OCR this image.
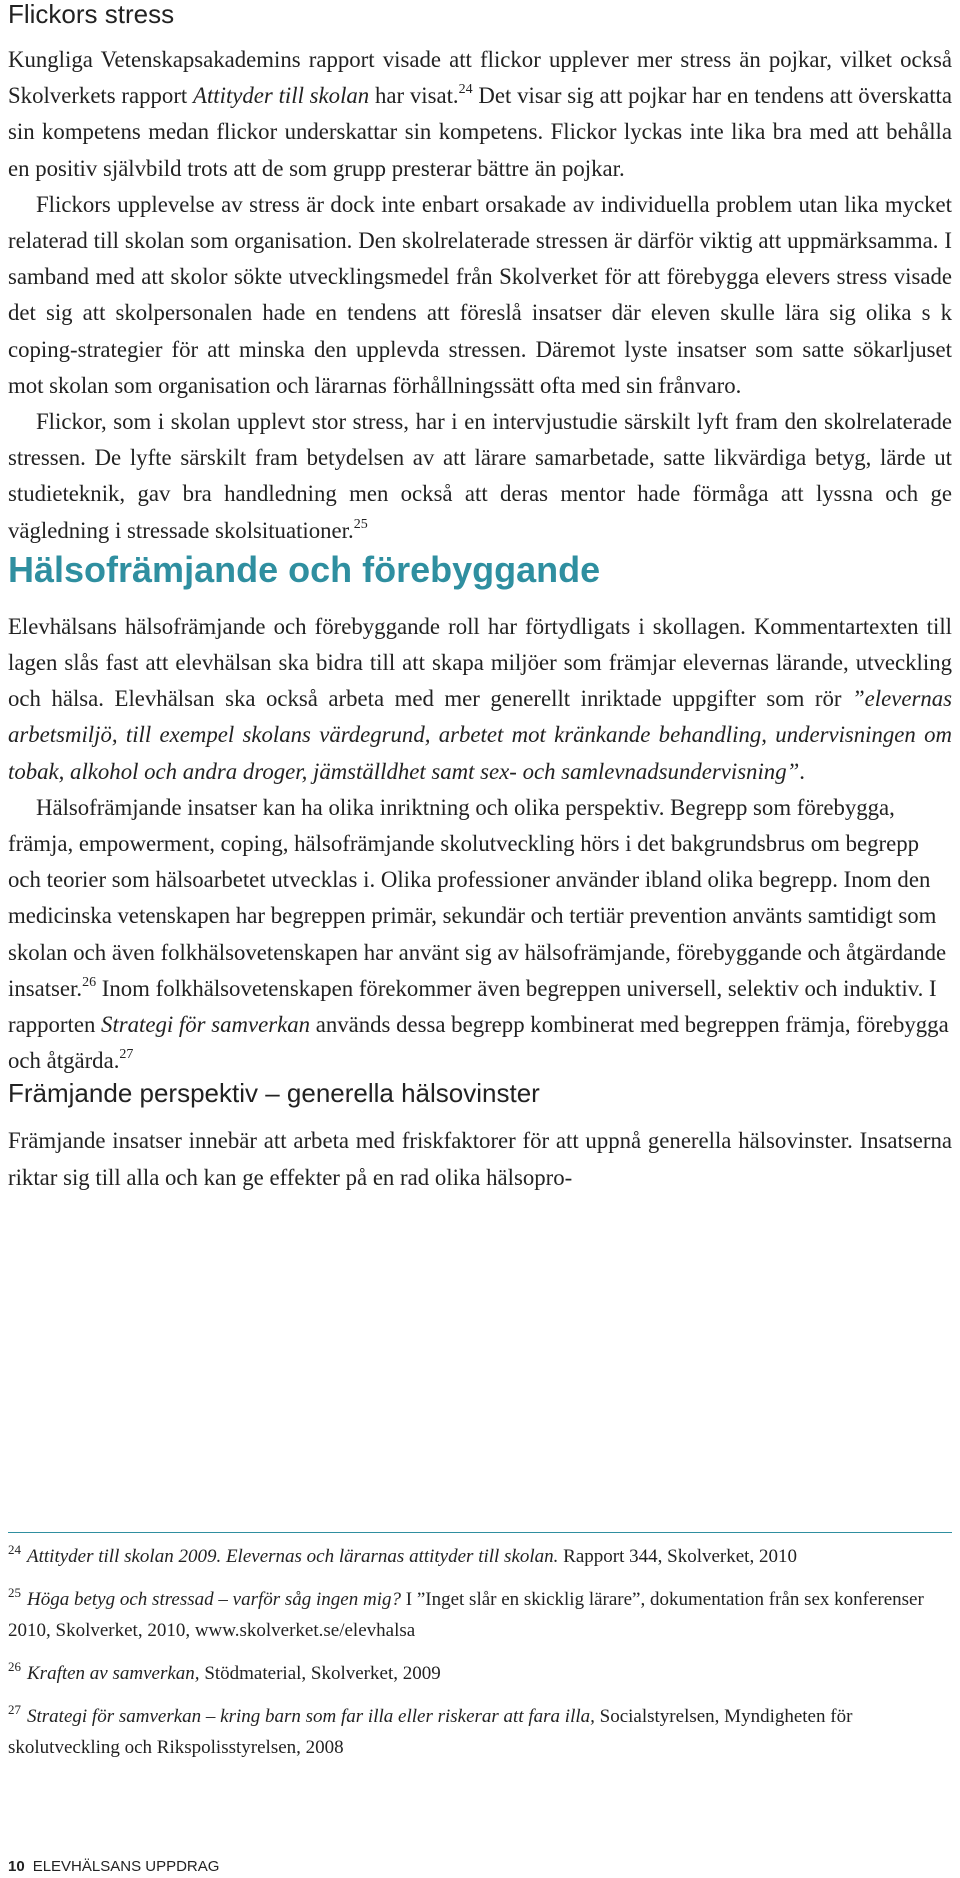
Flickors stress

Kungliga Vetenskapsakademins rapport visade att flickor upplever mer stress än pojkar, vilket också Skolverkets rapport Attityder till skolan har visat.$^{24}$ Det visar sig att pojkar har en tendens att överskatta sin kompetens medan flickor underskattar sin kompetens. Flickor lyckas inte lika bra med att behålla en positiv självbild trots att de som grupp presterar bättre än pojkar.

Flickors upplevelse av stress är dock inte enbart orsakade av individuella problem utan lika mycket relaterad till skolan som organisation. Den skolrelaterade stressen är därför viktig att uppmärksamma. I samband med att skolor sökte utvecklingsmedel från Skolverket för att förebygga elevers stress visade det sig att skolpersonalen hade en tendens att föreslå insatser där eleven skulle lära sig olika s k coping-strategier för att minska den upplevda stressen. Däremot lyste insatser som satte sökarljuset mot skolan som organisation och lärarnas förhållningssätt ofta med sin frånvaro.

Flickor, som i skolan upplevt stor stress, har i en intervjustudie särskilt lyft fram den skolrelaterade stressen. De lyfte särskilt fram betydelsen av att lärare samarbetade, satte likvärdiga betyg, lärde ut studieteknik, gav bra handledning men också att deras mentor hade förmåga att lyssna och ge vägledning i stressade skolsituationer.$^{25}$

Hälsofrämjande och förebyggande

Elevhälsans hälsofrämjande och förebyggande roll har förtydligats i skollagen. Kommentartexten till lagen slås fast att elevhälsan ska bidra till att skapa miljöer som främjar elevernas lärande, utveckling och hälsa. Elevhälsan ska också arbeta med mer generellt inriktade uppgifter som rör ”elevernas arbetsmiljö, till exempel skolans värdegrund, arbetet mot kränkande behandling, undervisningen om tobak, alkohol och andra droger, jämställdhet samt sex- och samlevnadsundervisning”.

Hälsofrämjande insatser kan ha olika inriktning och olika perspektiv. Begrepp som förebygga, främja, empowerment, coping, hälsofrämjande skolutveckling hörs i det bakgrundsbrus om begrepp och teorier som hälsoarbetet utvecklas i. Olika professioner använder ibland olika begrepp. Inom den medicinska vetenskapen har begreppen primär, sekundär och tertiär prevention använts samtidigt som skolan och även folkhälsovetenskapen har använt sig av hälsofrämjande, förebyggande och åtgärdande insatser.$^{26}$ Inom folkhälsovetenskapen förekommer även begreppen universell, selektiv och induktiv. I rapporten Strategi för samverkan används dessa begrepp kombinerat med begreppen främja, förebygga och åtgärda.$^{27}$

Främjande perspektiv – generella hälsovinster

Främjande insatser innebär att arbeta med friskfaktorer för att uppnå generella hälsovinster. Insatserna riktar sig till alla och kan ge effekter på en rad olika hälsopro-

$^{24}$ Attityder till skolan 2009. Elevernas och lärarnas attityder till skolan. Rapport 344, Skolverket, 2010

$^{25}$ Höga betyg och stressad – varför såg ingen mig? I ”Inget slår en skicklig lärare”, dokumentation från sex konferenser 2010, Skolverket, 2010, www.skolverket.se/elevhalsa

$^{26}$ Kraften av samverkan, Stödmaterial, Skolverket, 2009

$^{27}$ Strategi för samverkan – kring barn som far illa eller riskerar att fara illa, Socialstyrelsen, Myndigheten för skolutveckling och Rikspolisstyrelsen, 2008

10 ELEVHÄLSANS UPPDRAG
